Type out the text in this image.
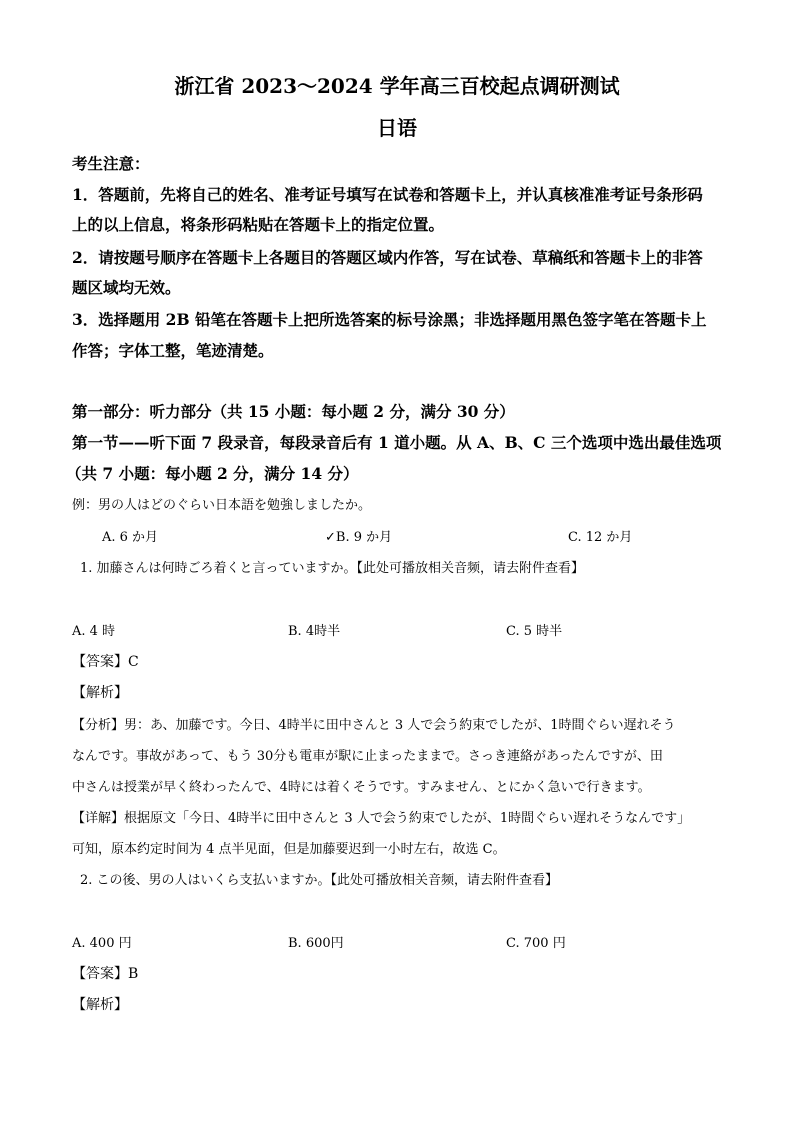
浙江省 2023～2024 学年高三百校起点调研测试
日语
考生注意：
1．答题前，先将自己的姓名、准考证号填写在试卷和答题卡上，并认真核准准考证号条形码
上的以上信息，将条形码粘贴在答题卡上的指定位置。
2．请按题号顺序在答题卡上各题目的答题区域内作答，写在试卷、草稿纸和答题卡上的非答
题区域均无效。
3．选择题用 2B 铅笔在答题卡上把所选答案的标号涂黑；非选择题用黑色签字笔在答题卡上
作答；字体工整，笔迹清楚。
第一部分：听力部分（共 15 小题：每小题 2 分，满分 30 分）
第一节——听下面 7 段录音，每段录音后有 1 道小题。从 A、B、C 三个选项中选出最佳选项
（共 7 小题：每小题 2 分，满分 14 分）
例：男の人はどのぐらい日本語を勉強しましたか。
A. 6 か月	✓B. 9 か月	C. 12 か月
1. 加藤さんは何時ごろ着くと言っていますか。【此处可播放相关音频，请去附件查看】
A. 4 時	B. 4時半	C. 5 時半
【答案】C
【解析】
【分析】男：あ、加藤です。今日、4時半に田中さんと 3 人で会う約束でしたが、1時間ぐらい遅れそう
なんです。事故があって、もう 30分も電車が駅に止まったままで。さっき連絡があったんですが、田
中さんは授業が早く終わったんで、4時には着くそうです。すみません、とにかく急いで行きます。
【详解】根据原文「今日、4時半に田中さんと 3 人で会う約束でしたが、1時間ぐらい遅れそうなんです」
可知，原本约定时间为 4 点半见面，但是加藤要迟到一小时左右，故选 C。
2. この後、男の人はいくら支払いますか。【此处可播放相关音频，请去附件查看】
A. 400 円	B. 600円	C. 700 円
【答案】B
【解析】
